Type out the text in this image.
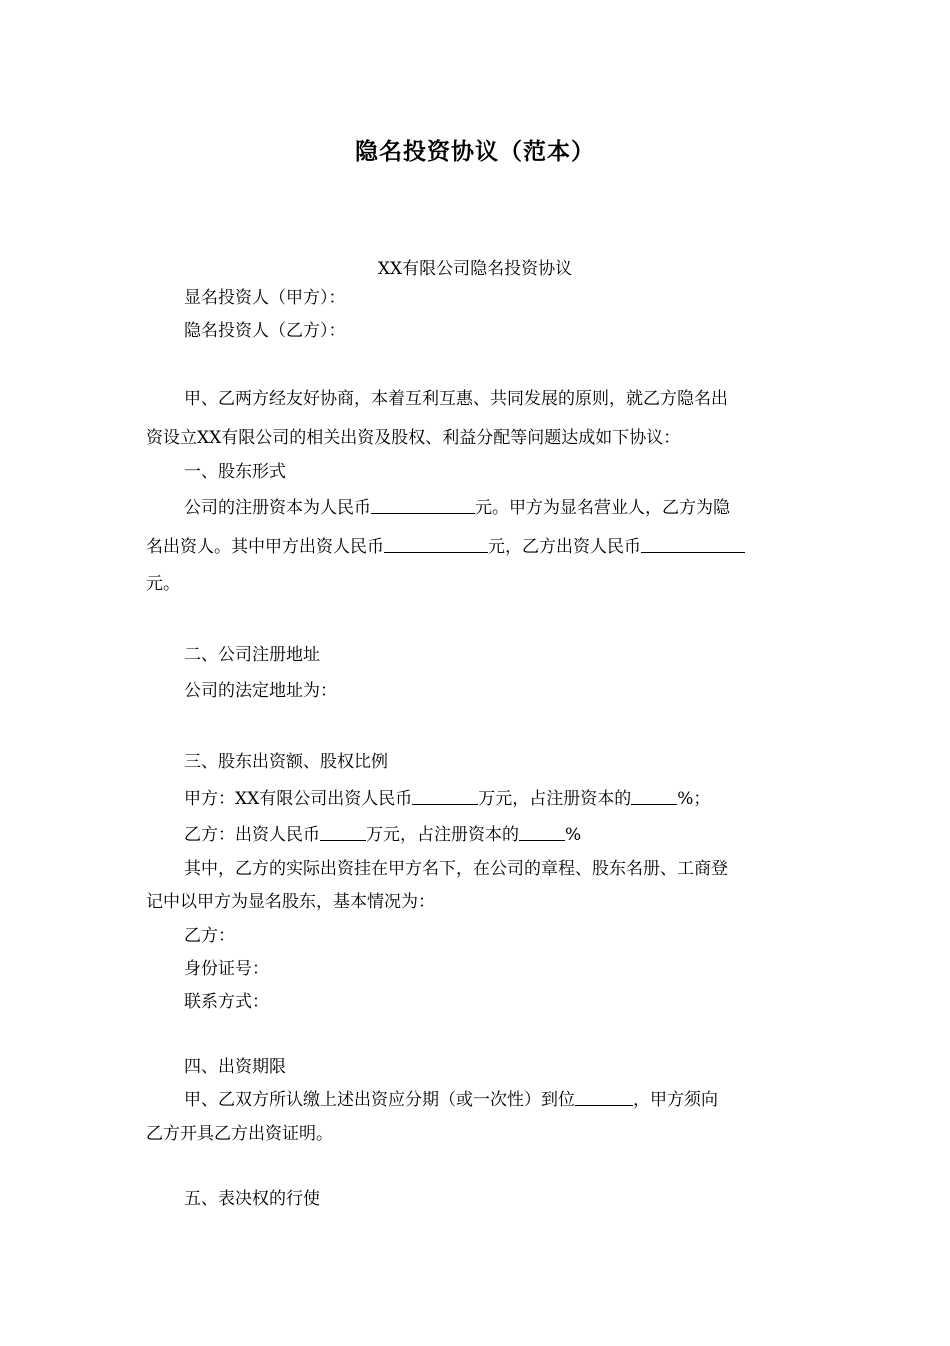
隐名投资协议（范本）
XX有限公司隐名投资协议
显名投资人（甲方）：
隐名投资人（乙方）：
甲、乙两方经友好协商，本着互利互惠、共同发展的原则，就乙方隐名出
资设立XX有限公司的相关出资及股权、利益分配等问题达成如下协议：
一、股东形式
公司的注册资本为人民币	元。甲方为显名营业人，乙方为隐
名出资人。其中甲方出资人民币	元，乙方出资人民币
元。
二、公司注册地址
公司的法定地址为：
三、股东出资额、股权比例
甲方：XX有限公司出资人民币	万元，占注册资本的	%；
乙方：出资人民币	万元，占注册资本的	%
其中，乙方的实际出资挂在甲方名下，在公司的章程、股东名册、工商登
记中以甲方为显名股东，基本情况为：
乙方：
身份证号：
联系方式：
四、出资期限
甲、乙双方所认缴上述出资应分期（或一次性）到位	，甲方须向
乙方开具乙方出资证明。
五、表决权的行使
